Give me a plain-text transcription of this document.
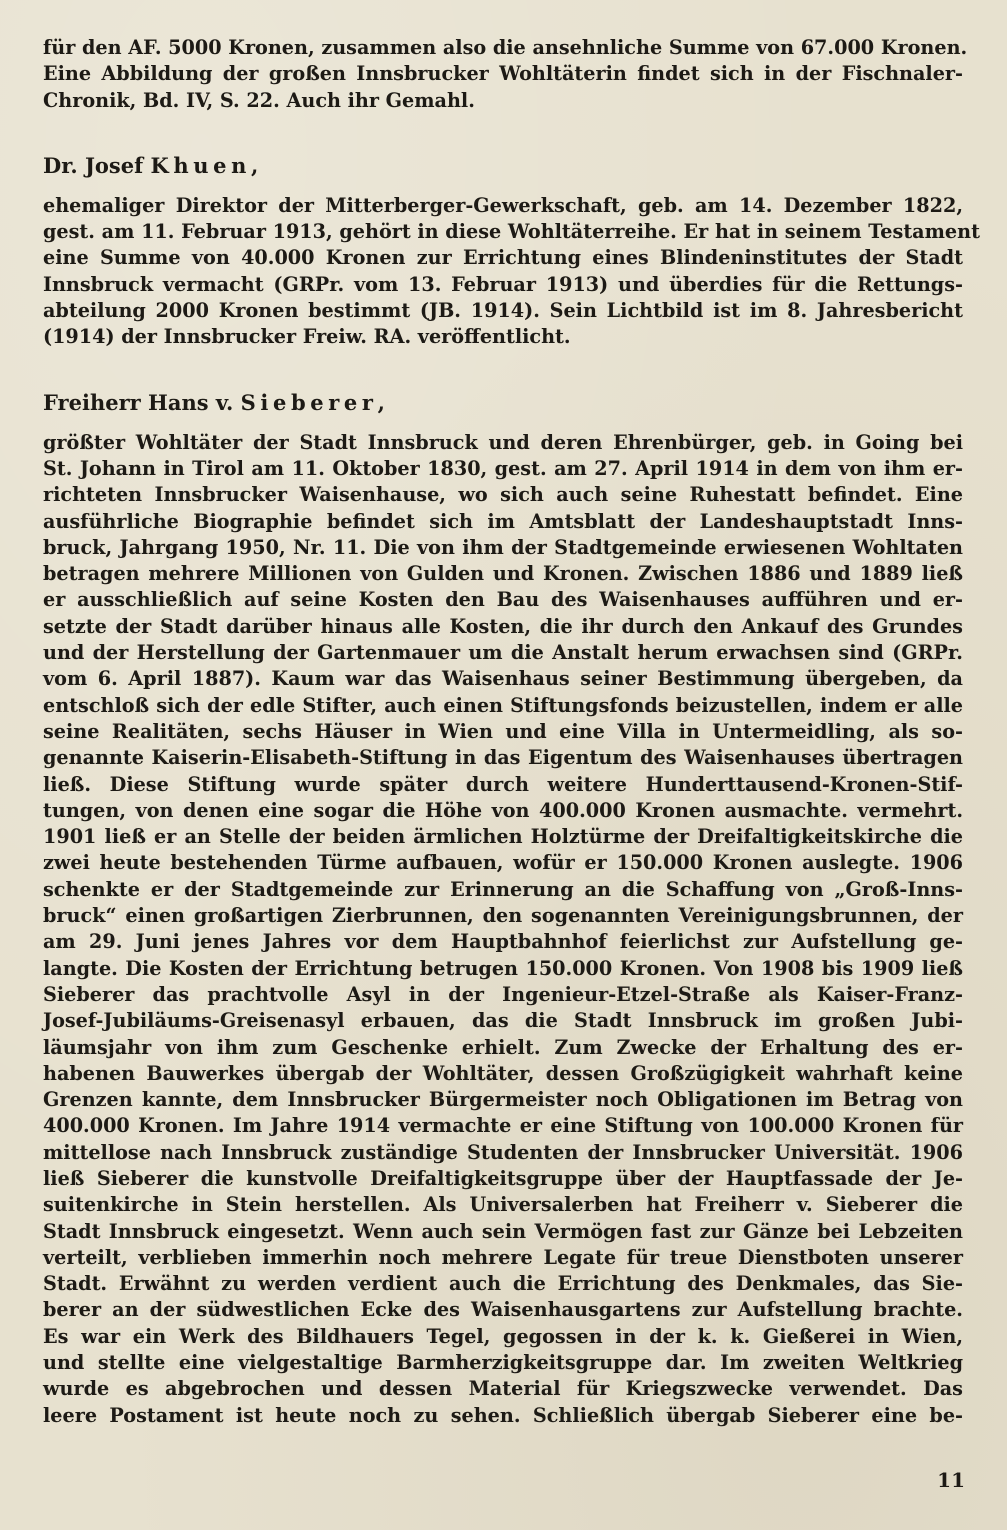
für den AF. 5000 Kronen, zusammen also die ansehnliche Summe von 67.000 Kronen.
Eine Abbildung der großen Innsbrucker Wohltäterin findet sich in der Fischnaler-
Chronik, Bd. IV, S. 22. Auch ihr Gemahl.

Dr. Josef Khuen,

ehemaliger Direktor der Mitterberger-Gewerkschaft, geb. am 14. Dezember 1822,
gest. am 11. Februar 1913, gehört in diese Wohltäterreihe. Er hat in seinem Testament
eine Summe von 40.000 Kronen zur Errichtung eines Blindeninstitutes der Stadt
Innsbruck vermacht (GRPr. vom 13. Februar 1913) und überdies für die Rettungs-
abteilung 2000 Kronen bestimmt (JB. 1914). Sein Lichtbild ist im 8. Jahresbericht
(1914) der Innsbrucker Freiw. RA. veröffentlicht.

Freiherr Hans v. Sieberer,

größter Wohltäter der Stadt Innsbruck und deren Ehrenbürger, geb. in Going bei
St. Johann in Tirol am 11. Oktober 1830, gest. am 27. April 1914 in dem von ihm er-
richteten Innsbrucker Waisenhause, wo sich auch seine Ruhestatt befindet. Eine
ausführliche Biographie befindet sich im Amtsblatt der Landeshauptstadt Inns-
bruck, Jahrgang 1950, Nr. 11. Die von ihm der Stadtgemeinde erwiesenen Wohltaten
betragen mehrere Millionen von Gulden und Kronen. Zwischen 1886 und 1889 ließ
er ausschließlich auf seine Kosten den Bau des Waisenhauses aufführen und er-
setzte der Stadt darüber hinaus alle Kosten, die ihr durch den Ankauf des Grundes
und der Herstellung der Gartenmauer um die Anstalt herum erwachsen sind (GRPr.
vom 6. April 1887). Kaum war das Waisenhaus seiner Bestimmung übergeben, da
entschloß sich der edle Stifter, auch einen Stiftungsfonds beizustellen, indem er alle
seine Realitäten, sechs Häuser in Wien und eine Villa in Untermeidling, als so-
genannte Kaiserin-Elisabeth-Stiftung in das Eigentum des Waisenhauses übertragen
ließ. Diese Stiftung wurde später durch weitere Hunderttausend-Kronen-Stif-
tungen, von denen eine sogar die Höhe von 400.000 Kronen ausmachte. vermehrt.
1901 ließ er an Stelle der beiden ärmlichen Holztürme der Dreifaltigkeitskirche die
zwei heute bestehenden Türme aufbauen, wofür er 150.000 Kronen auslegte. 1906
schenkte er der Stadtgemeinde zur Erinnerung an die Schaffung von „Groß-Inns-
bruck“ einen großartigen Zierbrunnen, den sogenannten Vereinigungsbrunnen, der
am 29. Juni jenes Jahres vor dem Hauptbahnhof feierlichst zur Aufstellung ge-
langte. Die Kosten der Errichtung betrugen 150.000 Kronen. Von 1908 bis 1909 ließ
Sieberer das prachtvolle Asyl in der Ingenieur-Etzel-Straße als Kaiser-Franz-
Josef-Jubiläums-Greisenasyl erbauen, das die Stadt Innsbruck im großen Jubi-
läumsjahr von ihm zum Geschenke erhielt. Zum Zwecke der Erhaltung des er-
habenen Bauwerkes übergab der Wohltäter, dessen Großzügigkeit wahrhaft keine
Grenzen kannte, dem Innsbrucker Bürgermeister noch Obligationen im Betrag von
400.000 Kronen. Im Jahre 1914 vermachte er eine Stiftung von 100.000 Kronen für
mittellose nach Innsbruck zuständige Studenten der Innsbrucker Universität. 1906
ließ Sieberer die kunstvolle Dreifaltigkeitsgruppe über der Hauptfassade der Je-
suitenkirche in Stein herstellen. Als Universalerben hat Freiherr v. Sieberer die
Stadt Innsbruck eingesetzt. Wenn auch sein Vermögen fast zur Gänze bei Lebzeiten
verteilt, verblieben immerhin noch mehrere Legate für treue Dienstboten unserer
Stadt. Erwähnt zu werden verdient auch die Errichtung des Denkmales, das Sie-
berer an der südwestlichen Ecke des Waisenhausgartens zur Aufstellung brachte.
Es war ein Werk des Bildhauers Tegel, gegossen in der k. k. Gießerei in Wien,
und stellte eine vielgestaltige Barmherzigkeitsgruppe dar. Im zweiten Weltkrieg
wurde es abgebrochen und dessen Material für Kriegszwecke verwendet. Das
leere Postament ist heute noch zu sehen. Schließlich übergab Sieberer eine be-

11
